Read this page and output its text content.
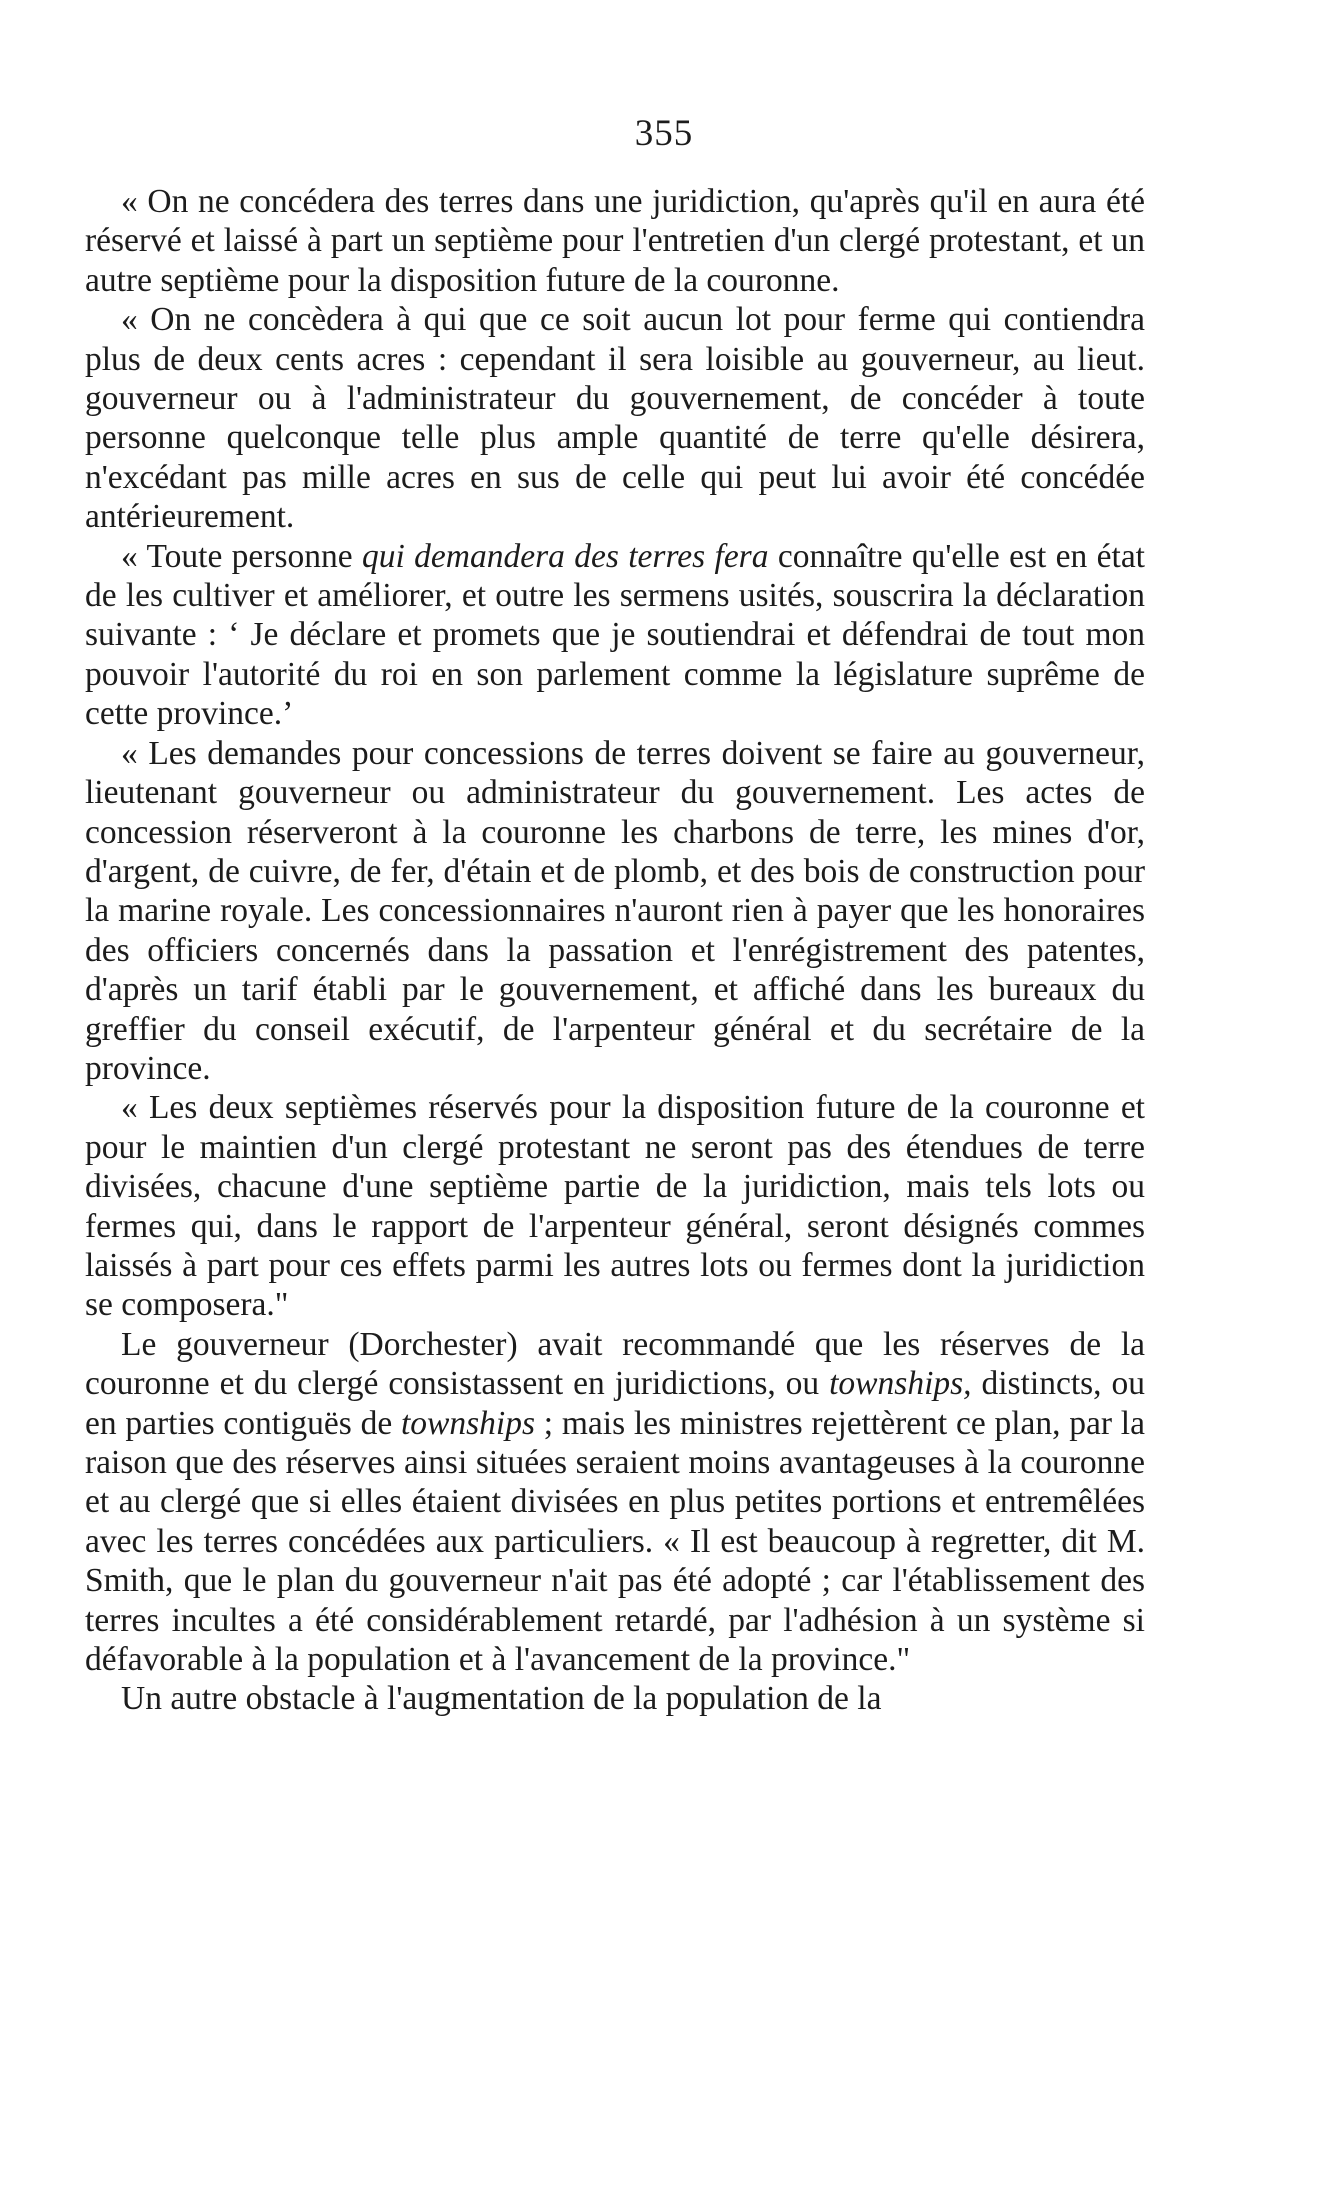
355

« On ne concédera des terres dans une juridiction, qu'après qu'il en aura été réservé et laissé à part un septième pour l'entretien d'un clergé protestant, et un autre septième pour la disposition future de la couronne.

« On ne concèdera à qui que ce soit aucun lot pour ferme qui contiendra plus de deux cents acres : cependant il sera loisible au gouverneur, au lieut. gouverneur ou à l'administrateur du gouvernement, de concéder à toute personne quelconque telle plus ample quantité de terre qu'elle désirera, n'excédant pas mille acres en sus de celle qui peut lui avoir été concédée antérieurement.

« Toute personne qui demandera des terres fera connaître qu'elle est en état de les cultiver et améliorer, et outre les sermens usités, souscrira la déclaration suivante : ‘ Je déclare et promets que je soutiendrai et défendrai de tout mon pouvoir l'autorité du roi en son parlement comme la législature suprême de cette province.’

« Les demandes pour concessions de terres doivent se faire au gouverneur, lieutenant gouverneur ou administrateur du gouvernement. Les actes de concession réserveront à la couronne les charbons de terre, les mines d'or, d'argent, de cuivre, de fer, d'étain et de plomb, et des bois de construction pour la marine royale. Les concessionnaires n'auront rien à payer que les honoraires des officiers concernés dans la passation et l'enrégistrement des patentes, d'après un tarif établi par le gouvernement, et affiché dans les bureaux du greffier du conseil exécutif, de l'arpenteur général et du secrétaire de la province.

« Les deux septièmes réservés pour la disposition future de la couronne et pour le maintien d'un clergé protestant ne seront pas des étendues de terre divisées, chacune d'une septième partie de la juridiction, mais tels lots ou fermes qui, dans le rapport de l'arpenteur général, seront désignés commes laissés à part pour ces effets parmi les autres lots ou fermes dont la juridiction se composera."

Le gouverneur (Dorchester) avait recommandé que les réserves de la couronne et du clergé consistassent en juridictions, ou townships, distincts, ou en parties contiguës de townships ; mais les ministres rejettèrent ce plan, par la raison que des réserves ainsi situées seraient moins avantageuses à la couronne et au clergé que si elles étaient divisées en plus petites portions et entremêlées avec les terres concédées aux particuliers. « Il est beaucoup à regretter, dit M. Smith, que le plan du gouverneur n'ait pas été adopté ; car l'établissement des terres incultes a été considérablement retardé, par l'adhésion à un système si défavorable à la population et à l'avancement de la province."

Un autre obstacle à l'augmentation de la population de la
